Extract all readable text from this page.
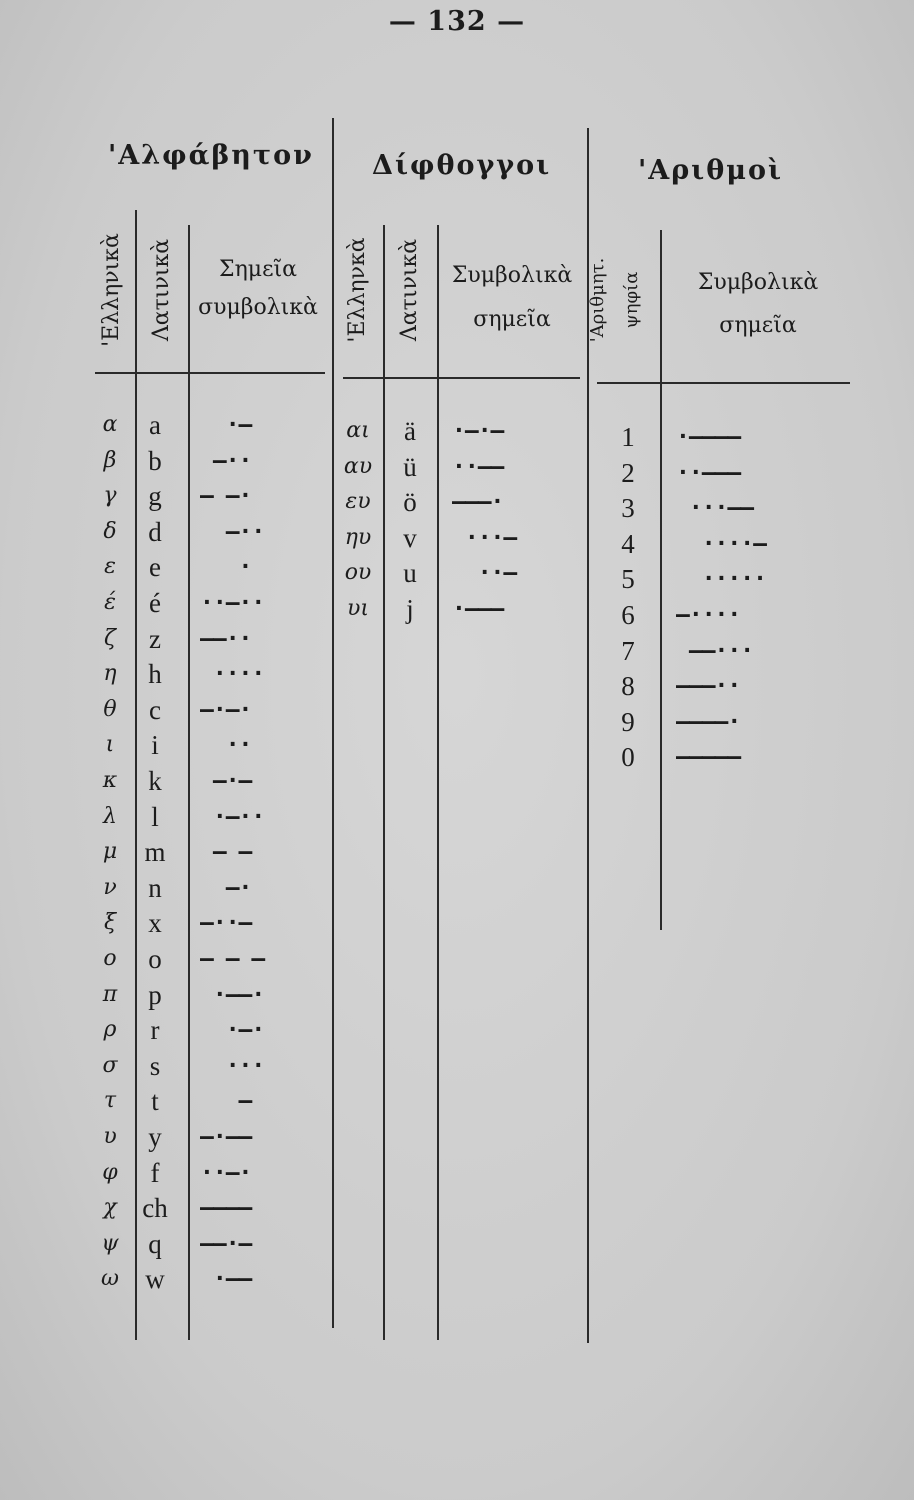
— 132 —
'Αλφάβητον Δίφθογγοι	'Αριθμοὶ
'Ελληνικὰ Λατινικὰ Σημεῖα
συμβολικὰ 'Ελληνκὰ Λατινικὰ Συμβολικὰ
σημεῖα 'Αριθμητ. ψηφία	Συμβολικὰ
σημεῖα
α a ·—
β b —··
γ g — —·
δ d —··
ε e ·
έ é ··—··
ζ z ——··
η h ····
θ c —·—·
ι i ··
κ k —·—
λ l ·—··
μ m — —
ν n —·
ξ x —··—
ο o — — —
π p ·——·
ρ r ·—·
σ s ···
τ t —
υ y —·——
φ f ··—·
χ ch ————
ψ q ——·—
ω w ·——
αι ä ·—·—
αυ ü ··——
ευ ö ———·
ηυ v ···—
ου u ··—
υι j ·———
1 ·————
2 ··———
3 ···——
4 ····—
5 ·····
6 —····
7 ——···
8 ———··
9 ————·
0 —————
